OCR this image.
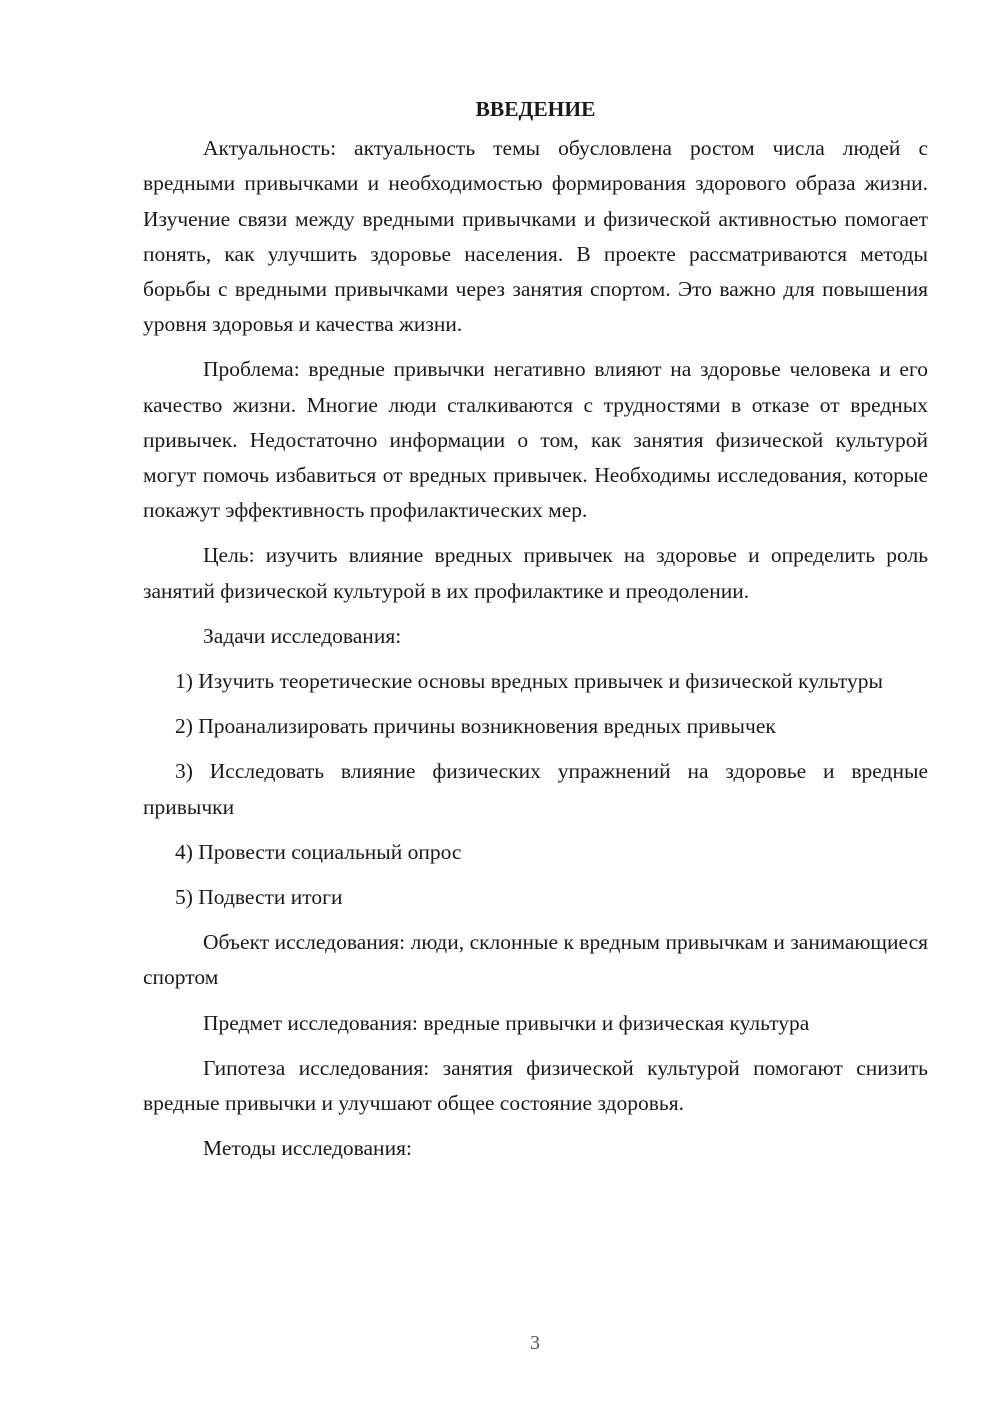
ВВЕДЕНИЕ

Актуальность: актуальность темы обусловлена ростом числа людей с вредными привычками и необходимостью формирования здорового образа жизни. Изучение связи между вредными привычками и физической активностью помогает понять, как улучшить здоровье населения. В проекте рассматриваются методы борьбы с вредными привычками через занятия спортом. Это важно для повышения уровня здоровья и качества жизни.

Проблема: вредные привычки негативно влияют на здоровье человека и его качество жизни. Многие люди сталкиваются с трудностями в отказе от вредных привычек. Недостаточно информации о том, как занятия физической культурой могут помочь избавиться от вредных привычек. Необходимы исследования, которые покажут эффективность профилактических мер.

Цель: изучить влияние вредных привычек на здоровье и определить роль занятий физической культурой в их профилактике и преодолении.

Задачи исследования:

1) Изучить теоретические основы вредных привычек и физической культуры

2) Проанализировать причины возникновения вредных привычек

3) Исследовать влияние физических упражнений на здоровье и вредные привычки

4) Провести социальный опрос

5) Подвести итоги

Объект исследования: люди, склонные к вредным привычкам и занимающиеся спортом

Предмет исследования: вредные привычки и физическая культура

Гипотеза исследования: занятия физической культурой помогают снизить вредные привычки и улучшают общее состояние здоровья.

Методы исследования:

3
